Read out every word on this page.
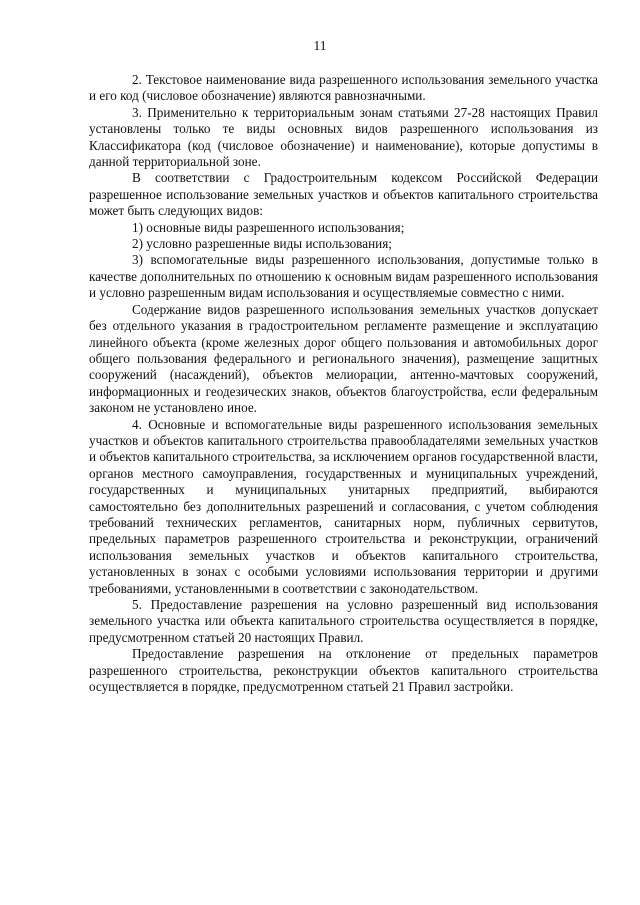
11

2. Текстовое наименование вида разрешенного использования земельного участка и его код (числовое обозначение) являются равнозначными.

3. Применительно к территориальным зонам статьями 27-28 настоящих Правил установлены только те виды основных видов разрешенного использования из Классификатора (код (числовое обозначение) и наименование), которые допустимы в данной территориальной зоне.

В соответствии с Градостроительным кодексом Российской Федерации разрешенное использование земельных участков и объектов капитального строительства может быть следующих видов:

1) основные виды разрешенного использования;

2) условно разрешенные виды использования;

3) вспомогательные виды разрешенного использования, допустимые только в качестве дополнительных по отношению к основным видам разрешенного использования и условно разрешенным видам использования и осуществляемые совместно с ними.

Содержание видов разрешенного использования земельных участков допускает без отдельного указания в градостроительном регламенте размещение и эксплуатацию линейного объекта (кроме железных дорог общего пользования и автомобильных дорог общего пользования федерального и регионального значения), размещение защитных сооружений (насаждений), объектов мелиорации, антенно-мачтовых сооружений, информационных и геодезических знаков, объектов благоустройства, если федеральным законом не установлено иное.

4. Основные и вспомогательные виды разрешенного использования земельных участков и объектов капитального строительства правообладателями земельных участков и объектов капитального строительства, за исключением органов государственной власти, органов местного самоуправления, государственных и муниципальных учреждений, государственных и муниципальных унитарных предприятий, выбираются самостоятельно без дополнительных разрешений и согласования, с учетом соблюдения требований технических регламентов, санитарных норм, публичных сервитутов, предельных параметров разрешенного строительства и реконструкции, ограничений использования земельных участков и объектов капитального строительства, установленных в зонах с особыми условиями использования территории и другими требованиями, установленными в соответствии с законодательством.

5. Предоставление разрешения на условно разрешенный вид использования земельного участка или объекта капитального строительства осуществляется в порядке, предусмотренном статьей 20 настоящих Правил.

Предоставление разрешения на отклонение от предельных параметров разрешенного строительства, реконструкции объектов капитального строительства осуществляется в порядке, предусмотренном статьей 21 Правил застройки.
